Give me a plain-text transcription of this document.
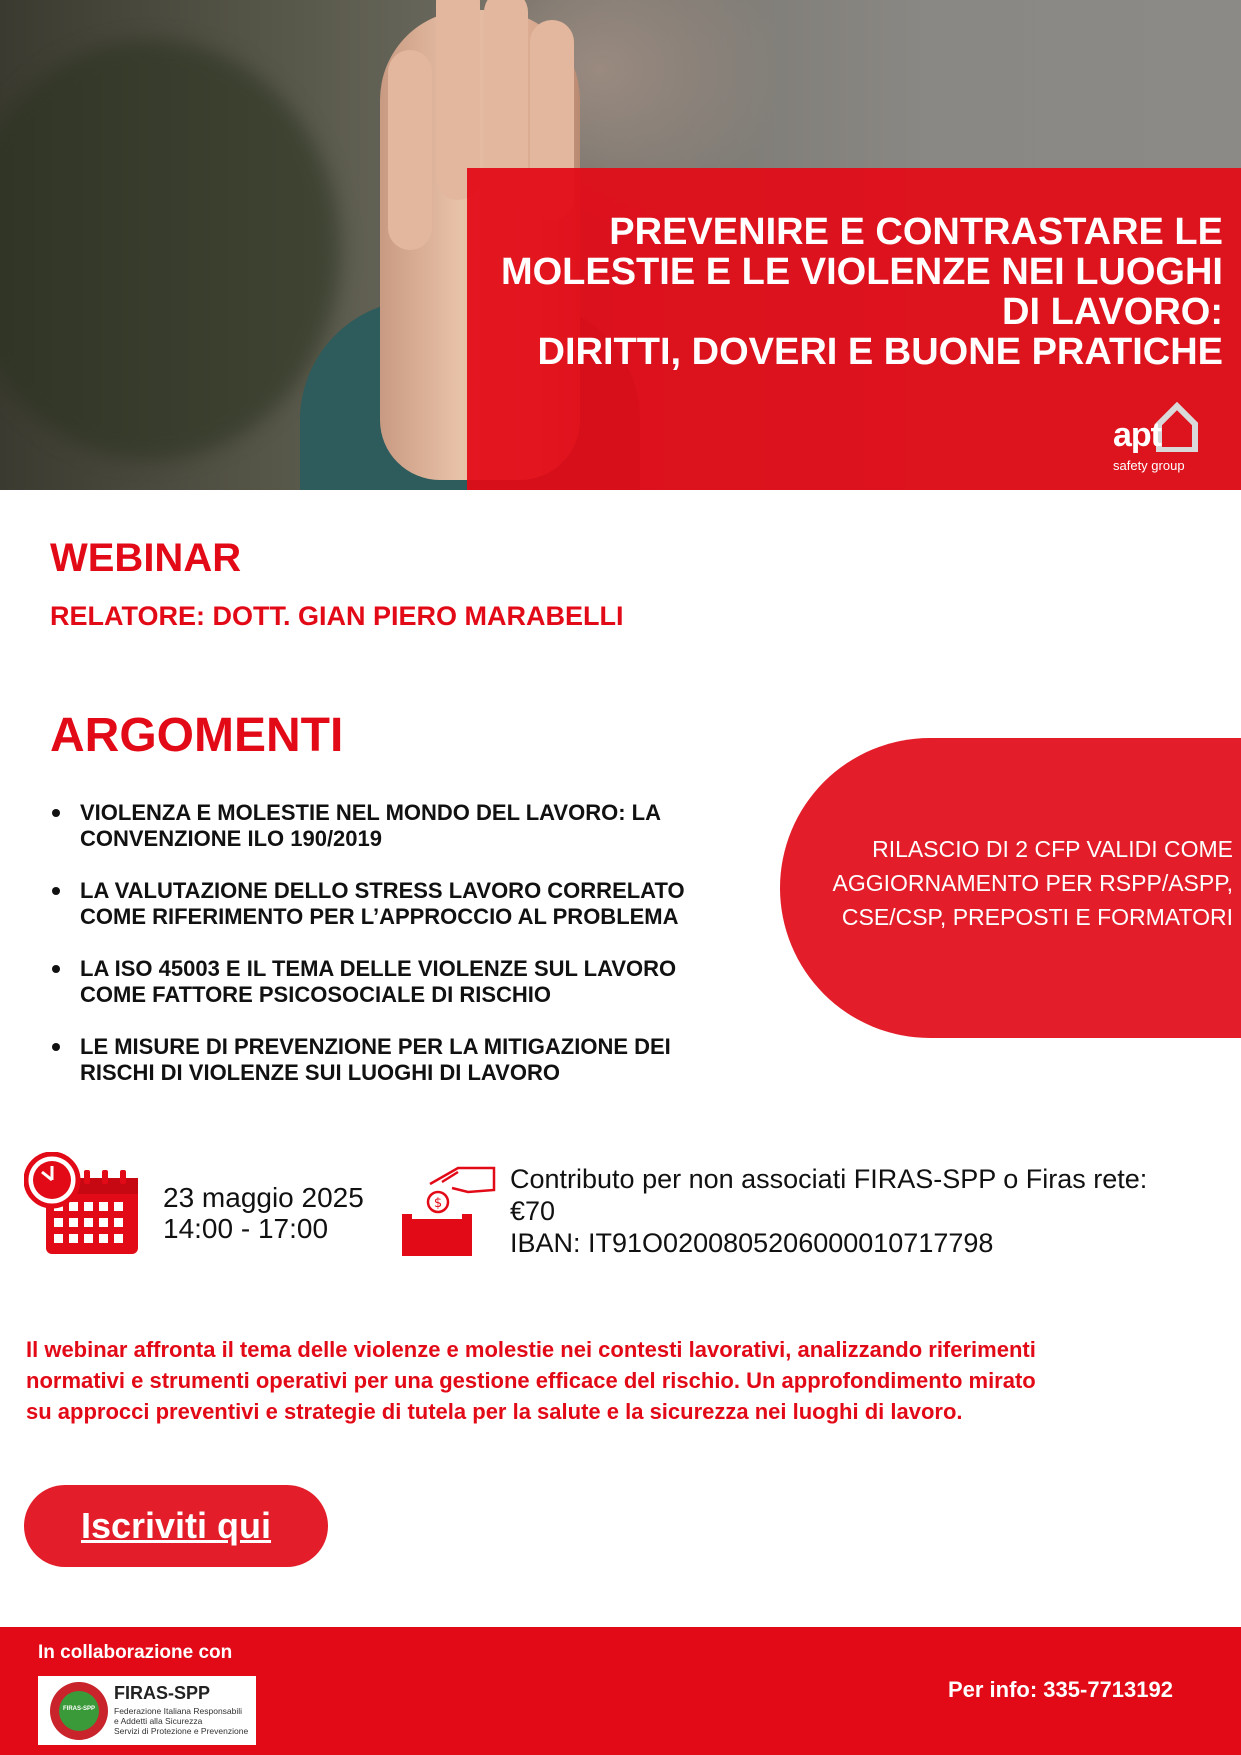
PREVENIRE E CONTRASTARE LE
MOLESTIE E LE VIOLENZE NEI LUOGHI
DI LAVORO:
DIRITTI, DOVERI E BUONE PRATICHE
apt
safety group
WEBINAR

RELATORE: DOTT. GIAN PIERO MARABELLI

ARGOMENTI
VIOLENZA E MOLESTIE NEL MONDO DEL LAVORO: LA
CONVENZIONE ILO 190/2019
LA VALUTAZIONE DELLO STRESS LAVORO CORRELATO
COME RIFERIMENTO PER L’APPROCCIO AL PROBLEMA
LA ISO 45003 E IL TEMA DELLE VIOLENZE SUL LAVORO
COME FATTORE PSICOSOCIALE DI RISCHIO
LE MISURE DI PREVENZIONE PER LA MITIGAZIONE DEI
RISCHI DI VIOLENZE SUI LUOGHI DI LAVORO

RILASCIO DI 2 CFP VALIDI COME
AGGIORNAMENTO PER RSPP/ASPP,
CSE/CSP, PREPOSTI E FORMATORI

23 maggio 2025
14:00 - 17:00

$

Contributo per non associati FIRAS-SPP o Firas rete:
€70
IBAN: IT91O0200805206000010717798

Il webinar affronta il tema delle violenze e molestie nei contesti lavorativi, analizzando riferimenti
normativi e strumenti operativi per una gestione efficace del rischio. Un approfondimento mirato
su approcci preventivi e strategie di tutela per la salute e la sicurezza nei luoghi di lavoro.

Iscriviti qui

In collaborazione con

FIRAS-SPP

FIRAS-SPP

Federazione Italiana Responsabili
e Addetti alla Sicurezza
Servizi di Protezione e Prevenzione

Per info: 335-7713192
